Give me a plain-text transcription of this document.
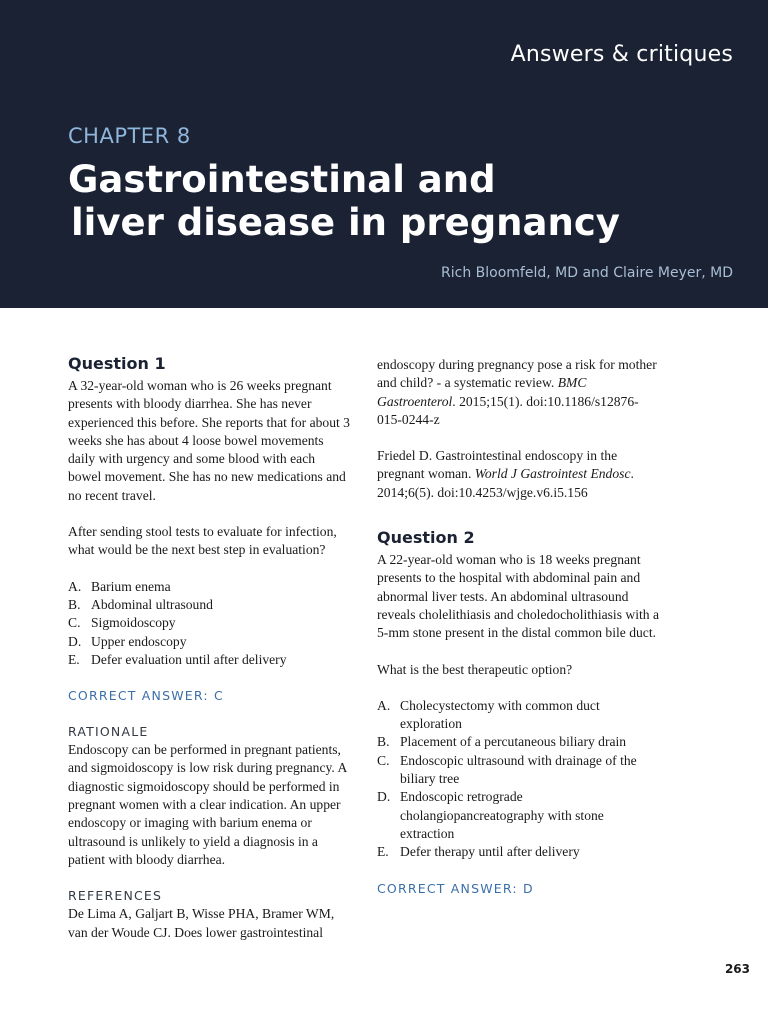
Answers & critiques
CHAPTER 8
Gastrointestinal and
liver disease in pregnancy
Rich Bloomfeld, MD and Claire Meyer, MD
Question 1

A 32-year-old woman who is 26 weeks pregnant presents with bloody diarrhea. She has never experienced this before. She reports that for about 3 weeks she has about 4 loose bowel movements daily with urgency and some blood with each bowel movement. She has no new medications and no recent travel.

After sending stool tests to evaluate for infection, what would be the next best step in evaluation?

A. Barium enema
B. Abdominal ultrasound
C. Sigmoidoscopy
D. Upper endoscopy
E. Defer evaluation until after delivery
CORRECT ANSWER: C
RATIONALE

Endoscopy can be performed in pregnant patients, and sigmoidoscopy is low risk during pregnancy. A diagnostic sigmoidoscopy should be performed in pregnant women with a clear indication. An upper endoscopy or imaging with barium enema or ultrasound is unlikely to yield a diagnosis in a patient with bloody diarrhea.

REFERENCES

De Lima A, Galjart B, Wisse PHA, Bramer WM, van der Woude CJ. Does lower gastrointestinal

endoscopy during pregnancy pose a risk for mother and child? - a systematic review. BMC Gastroenterol. 2015;15(1). doi:10.1186/s12876-015-0244-z

Friedel D. Gastrointestinal endoscopy in the pregnant woman. World J Gastrointest Endosc. 2014;6(5). doi:10.4253/wjge.v6.i5.156

Question 2

A 22-year-old woman who is 18 weeks pregnant presents to the hospital with abdominal pain and abnormal liver tests. An abdominal ultrasound reveals cholelithiasis and choledocholithiasis with a 5-mm stone present in the distal common bile duct.

What is the best therapeutic option?

A. Cholecystectomy with common duct exploration
B. Placement of a percutaneous biliary drain
C. Endoscopic ultrasound with drainage of the biliary tree
D. Endoscopic retrograde cholangiopancreatography with stone extraction
E. Defer therapy until after delivery
CORRECT ANSWER: D
263
